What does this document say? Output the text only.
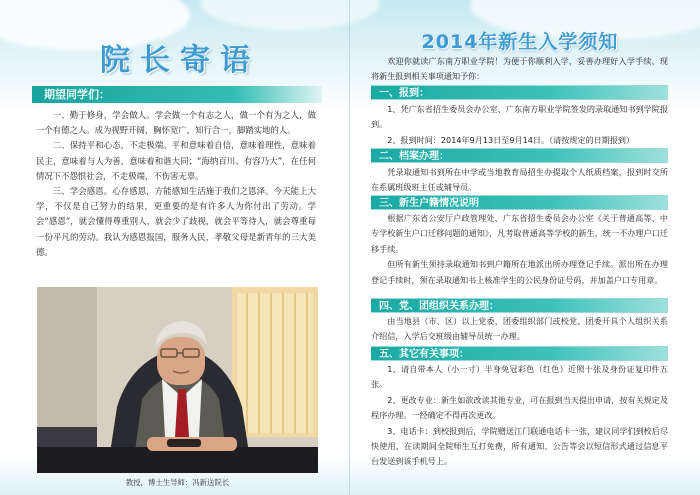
院长寄语
期望同学们：

一、勤于修身，学会做人。学会做一个有志之人，做一个有为之人，做一个有德之人。成为视野开阔，胸怀宽广，知行合一，脚踏实地的人。

二、保持平和心态，不走极端。平和意味着自信，意味着理性，意味着民主，意味着与人为善，意味着和谐大同；“海纳百川、有容乃大”，在任何情况下不怨恨社会，不走极端，不伤害无辜。

三、学会感恩。心存感恩，方能感知生活施于我们之恩泽。今天能上大学，不仅是自己努力的结果，更重要的是有许多人为你付出了劳动。学会“感恩”，就会懂得尊重别人，就会少了歧视，就会平等待人，就会尊重每一份平凡的劳动。我认为感恩报国，服务人民，孝敬父母是新青年的三大美德。

教授，博士生导师：冯新送院长
2014年新生入学须知

欢迎你就读广东南方职业学院！为便于你顺利入学，妥善办理好入学手续，现将新生报到相关事项通知予你：

一、报到：

1、凭广东省招生委员会办公室、广东南方职业学院签发的录取通知书到学院报到。

2、报到时间：2014年9月13日至9月14日。（请按规定的日期报到）

二、档案办理：

凭录取通知书到所在中学或当地教育局招生办提取个人纸质档案，报到时交所在系属班级班主任或辅导员。

三、新生户籍情况说明

根据广东省公安厅户政管理处、广东省招生委员会办公室《关于普通高等、中专学校新生户口迁移问题的通知》，凡考取普通高等学校的新生，统一不办理户口迁移手续。

但所有新生须持录取通知书到户籍所在地派出所办理登记手续。派出所在办理登记手续时，须在录取通知书上核准学生的公民身份证号码，并加盖户口专用章。

四、党、团组织关系办理：

由当地县（市、区）以上党委、团委组织部门或校党、团委开具个人组织关系介绍信，入学后交班级由辅导员统一办理。

五、其它有关事项：

1、请自带本人（小一寸）半身免冠彩色（红色）近照十张及身份证复印件五张。

2、更改专业：新生如欲改读其他专业，可在报到当天提出申请，按有关规定及程序办理。一经确定不得再次更改。

3、电话卡：到校报到后，学院赠送江门联通电话卡一张，建议同学们到校后尽快使用，在读期间全院师生互打免费，所有通知、公告等会以短信形式通过信息平台发送到该手机号上。
